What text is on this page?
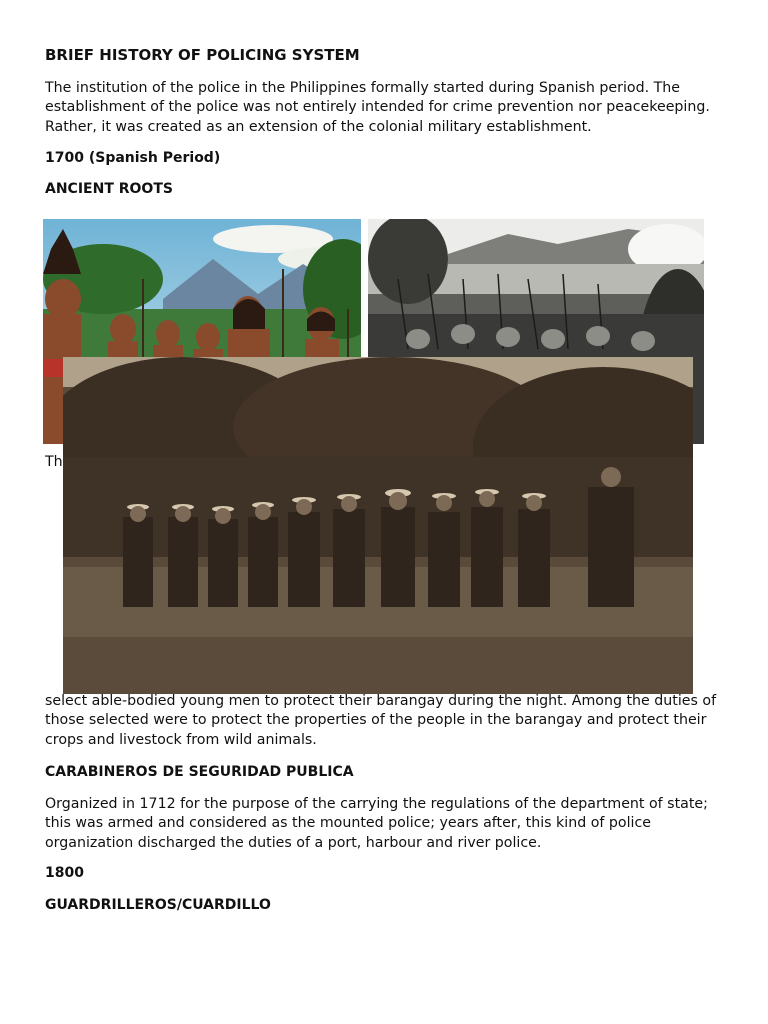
BRIEF HISTORY OF POLICING SYSTEM

The institution of the police in the Philippines formally started during Spanish period. The establishment of the police was not entirely intended for crime prevention nor peacekeeping. Rather, it was created as an extension of the colonial military establishment.

1700 (Spanish Period)
ANCIENT ROOTS
Th

select able-bodied young men to protect their barangay during the night. Among the duties of those selected were to protect the properties of the people in the barangay and protect their crops and livestock from wild animals.

CARABINEROS DE SEGURIDAD PUBLICA

Organized in 1712 for the purpose of the carrying the regulations of the department of state; this was armed and considered as the mounted police; years after, this kind of police organization discharged the duties of a port, harbour and river police.

1800
GUARDRILLEROS/CUARDILLO
